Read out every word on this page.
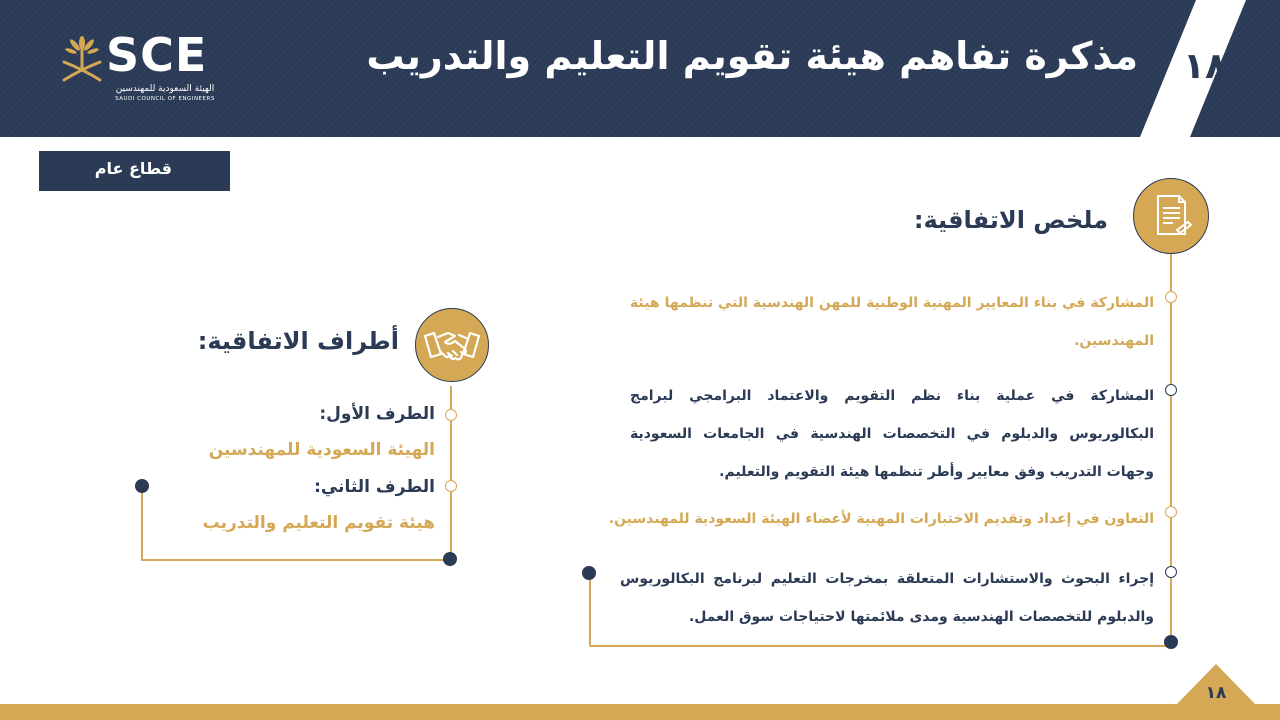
١٨
مذكرة تفاهم هيئة تقويم التعليم والتدريب
SCE
الهيئة السعودية للمهندسين
SAUDI COUNCIL OF ENGINEERS
قطاع عام
ملخص الاتفاقية:
المشاركة في بناء المعايير المهنية الوطنية للمهن الهندسية التي تنظمها هيئة المهندسين.
المشاركة في عملية بناء نظم التقويم والاعتماد البرامجي لبرامج البكالوريوس والدبلوم في التخصصات الهندسية في الجامعات السعودية وجهات التدريب وفق معايير وأطر تنظمها هيئة التقويم والتعليم.
التعاون في إعداد وتقديم الاختبارات المهنية لأعضاء الهيئة السعودية للمهندسين.
إجراء البحوث والاستشارات المتعلقة بمخرجات التعليم لبرنامج البكالوريوس والدبلوم للتخصصات الهندسية ومدى ملائمتها لاحتياجات سوق العمل.
أطراف الاتفاقية:
الطرف الأول:
الهيئة السعودية للمهندسين
الطرف الثاني:
هيئة تقويم التعليم والتدريب
١٨
